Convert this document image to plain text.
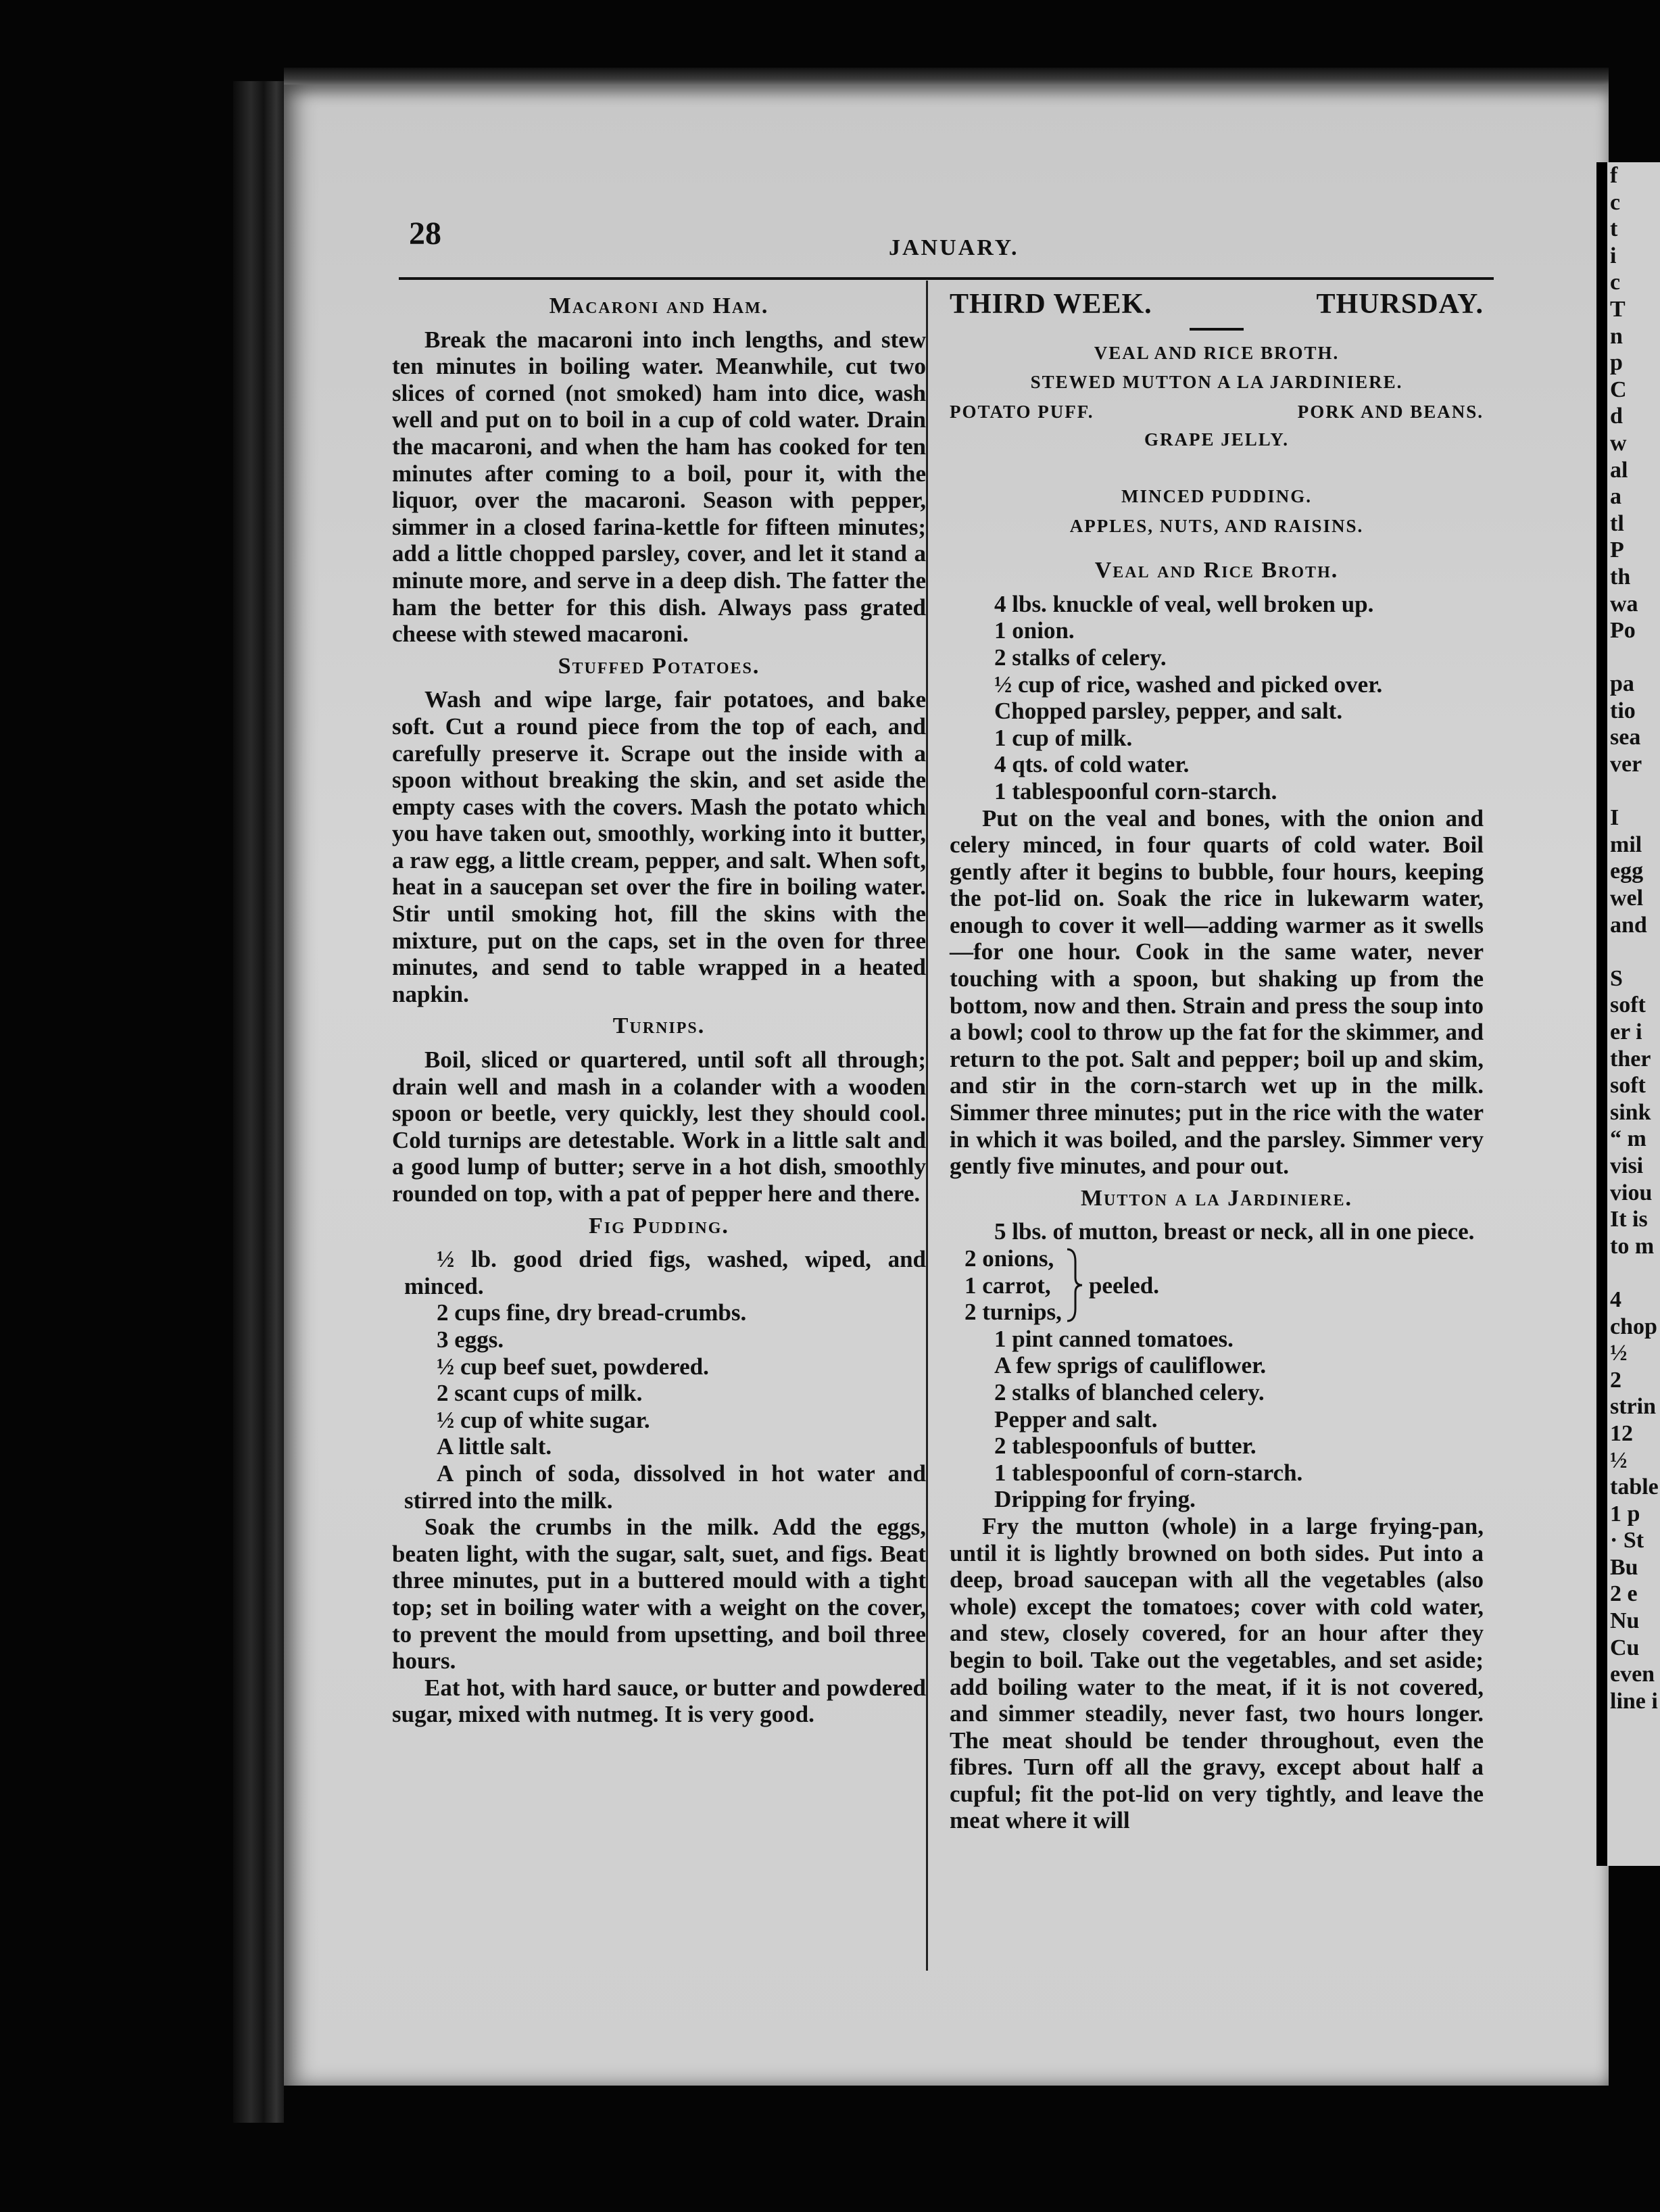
f
c
t
i
c
T
n
p
C
d
w
al
a
tl
P
th
wa
Po

pa
tio
sea
ver

I
mil
egg
wel
and

S
soft
er i
ther
soft
sink
“ m
visi
viou
It is
to m

4
chop
½
2
strin
12
½
table
1 p
· St
Bu
2 e
Nu
Cu
even
line i
28	JANUARY.
Macaroni and Ham.

Break the macaroni into inch lengths, and stew ten minutes in boiling water. Meanwhile, cut two slices of corned (not smoked) ham into dice, wash well and put on to boil in a cup of cold water. Drain the macaroni, and when the ham has cooked for ten minutes after coming to a boil, pour it, with the liquor, over the macaroni. Season with pepper, simmer in a closed farina-kettle for fifteen minutes; add a little chopped parsley, cover, and let it stand a minute more, and serve in a deep dish. The fatter the ham the better for this dish. Always pass grated cheese with stewed macaroni.

Stuffed Potatoes.

Wash and wipe large, fair potatoes, and bake soft. Cut a round piece from the top of each, and carefully preserve it. Scrape out the inside with a spoon without breaking the skin, and set aside the empty cases with the covers. Mash the potato which you have taken out, smoothly, working into it butter, a raw egg, a little cream, pepper, and salt. When soft, heat in a saucepan set over the fire in boiling water. Stir until smoking hot, fill the skins with the mixture, put on the caps, set in the oven for three minutes, and send to table wrapped in a heated napkin.

Turnips.

Boil, sliced or quartered, until soft all through; drain well and mash in a colander with a wooden spoon or beetle, very quickly, lest they should cool. Cold turnips are detestable. Work in a little salt and a good lump of butter; serve in a hot dish, smoothly rounded on top, with a pat of pepper here and there.

Fig Pudding.

½ lb. good dried figs, washed, wiped, and minced.

2 cups fine, dry bread-crumbs.

3 eggs.

½ cup beef suet, powdered.

2 scant cups of milk.

½ cup of white sugar.

A little salt.

A pinch of soda, dissolved in hot water and stirred into the milk.

Soak the crumbs in the milk. Add the eggs, beaten light, with the sugar, salt, suet, and figs. Beat three minutes, put in a buttered mould with a tight top; set in boiling water with a weight on the cover, to prevent the mould from upsetting, and boil three hours.

Eat hot, with hard sauce, or butter and powdered sugar, mixed with nutmeg. It is very good.

THIRD WEEK.	THURSDAY.
VEAL AND RICE BROTH.
STEWED MUTTON A LA JARDINIERE.
POTATO PUFF.	PORK AND BEANS.
GRAPE JELLY.
MINCED PUDDING.
APPLES, NUTS, AND RAISINS.
Veal and Rice Broth.

4 lbs. knuckle of veal, well broken up.

1 onion.

2 stalks of celery.

½ cup of rice, washed and picked over.

Chopped parsley, pepper, and salt.

1 cup of milk.

4 qts. of cold water.

1 tablespoonful corn-starch.

Put on the veal and bones, with the onion and celery minced, in four quarts of cold water. Boil gently after it begins to bubble, four hours, keeping the pot-lid on. Soak the rice in lukewarm water, enough to cover it well—adding warmer as it swells—for one hour. Cook in the same water, never touching with a spoon, but shaking up from the bottom, now and then. Strain and press the soup into a bowl; cool to throw up the fat for the skimmer, and return to the pot. Salt and pepper; boil up and skim, and stir in the corn-starch wet up in the milk. Simmer three minutes; put in the rice with the water in which it was boiled, and the parsley. Simmer very gently five minutes, and pour out.

Mutton a la Jardiniere.

5 lbs. of mutton, breast or neck, all in one piece.

2 onions,
1 carrot,
2 turnips,
peeled.

1 pint canned tomatoes.

A few sprigs of cauliflower.

2 stalks of blanched celery.

Pepper and salt.

2 tablespoonfuls of butter.

1 tablespoonful of corn-starch.

Dripping for frying.

Fry the mutton (whole) in a large frying-pan, until it is lightly browned on both sides. Put into a deep, broad saucepan with all the vegetables (also whole) except the tomatoes; cover with cold water, and stew, closely covered, for an hour after they begin to boil. Take out the vegetables, and set aside; add boiling water to the meat, if it is not covered, and simmer steadily, never fast, two hours longer. The meat should be tender throughout, even the fibres. Turn off all the gravy, except about half a cupful; fit the pot-lid on very tightly, and leave the meat where it will
